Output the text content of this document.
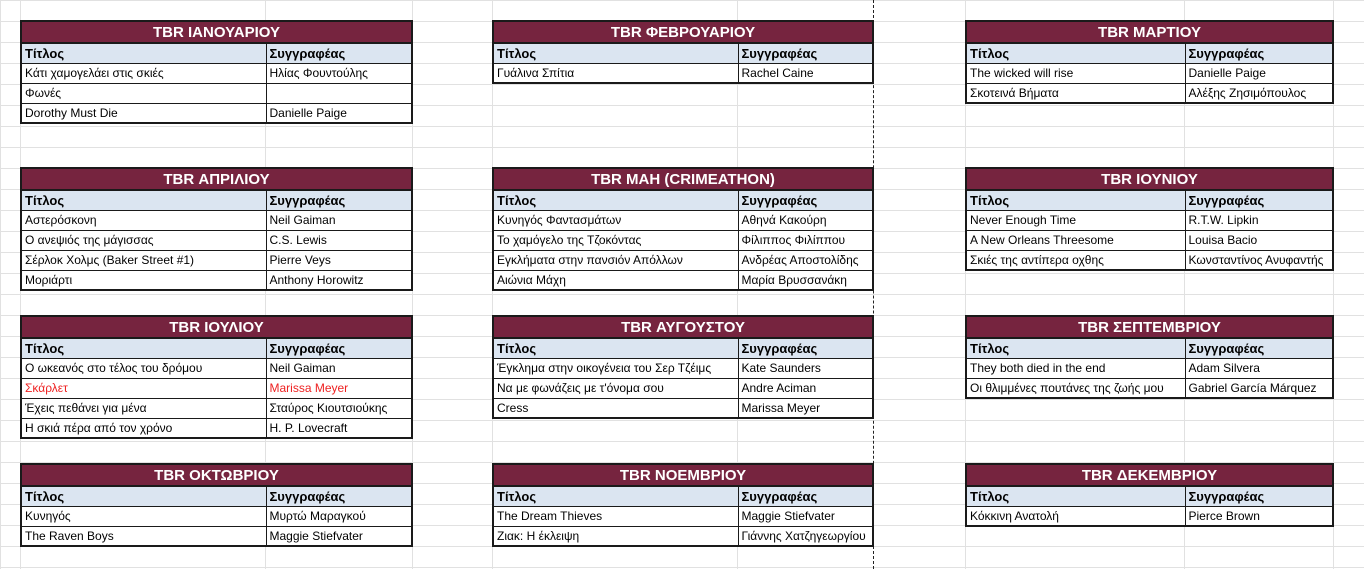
TBR ΙΑΝΟΥΑΡΙΟΥ	
Τίτλος	Συγγραφέας
Κάτι χαμογελάει στις σκιές	Ηλίας Φουντούλης
Φωνές	
Dorothy Must Die	Danielle Paige
TBR ΦΕΒΡΟΥΑΡΙΟΥ	
Τίτλος	Συγγραφέας
Γυάλινα Σπίτια	Rachel Caine
TBR ΜΑΡΤΙΟΥ	
Τίτλος	Συγγραφέας
The wicked will rise	Danielle Paige
Σκοτεινά Βήματα	Αλέξης Ζησιμόπουλος
TBR ΑΠΡΙΛΙΟΥ	
Τίτλος	Συγγραφέας
Αστερόσκονη	Neil Gaiman
Ο ανεψιός της μάγισσας	C.S. Lewis
Σέρλοκ Χολμς (Baker Street #1)	Pierre Veys
Μοριάρτι	Anthony Horowitz
TBR ΜΑΗ (CRIMEATHON)	
Τίτλος	Συγγραφέας
Κυνηγός Φαντασμάτων	Αθηνά Κακούρη
Το χαμόγελο της Τζοκόντας	Φίλιππος Φιλίππου
Εγκλήματα στην πανσιόν Απόλλων	Ανδρέας Αποστολίδης
Αιώνια Μάχη	Μαρία Βρυσσανάκη
TBR ΙΟΥΝΙΟΥ	
Τίτλος	Συγγραφέας
Never Enough Time	R.T.W. Lipkin
A New Orleans Threesome	Louisa Bacio
Σκιές της αντίπερα οχθης	Κωνσταντίνος Ανυφαντής
TBR ΙΟΥΛΙΟΥ	
Τίτλος	Συγγραφέας
Ο ωκεανός στο τέλος του δρόμου	Neil Gaiman
Σκάρλετ	Marissa Meyer
Έχεις πεθάνει για μένα	Σταύρος Κιουτσιούκης
Η σκιά πέρα από τον χρόνο	H. P. Lovecraft
TBR ΑΥΓΟΥΣΤΟΥ	
Τίτλος	Συγγραφέας
Έγκλημα στην οικογένεια του Σερ Τζέιμς	Kate Saunders
Να με φωνάζεις με τ'όνομα σου	Andre Aciman
Cress	Marissa Meyer
TBR ΣΕΠΤΕΜΒΡΙΟΥ	
Τίτλος	Συγγραφέας
They both died in the end	Adam Silvera
Οι θλιμμένες πουτάνες της ζωής μου	Gabriel García Márquez
TBR ΟΚΤΩΒΡΙΟΥ	
Τίτλος	Συγγραφέας
Κυνηγός	Μυρτώ Μαραγκού
The Raven Boys	Maggie Stiefvater
TBR ΝΟΕΜΒΡΙΟΥ	
Τίτλος	Συγγραφέας
The Dream Thieves	Maggie Stiefvater
Ζιακ: Η έκλειψη	Γιάννης Χατζηγεωργίου
TBR ΔΕΚΕΜΒΡΙΟΥ	
Τίτλος	Συγγραφέας
Κόκκινη Ανατολή	Pierce Brown
